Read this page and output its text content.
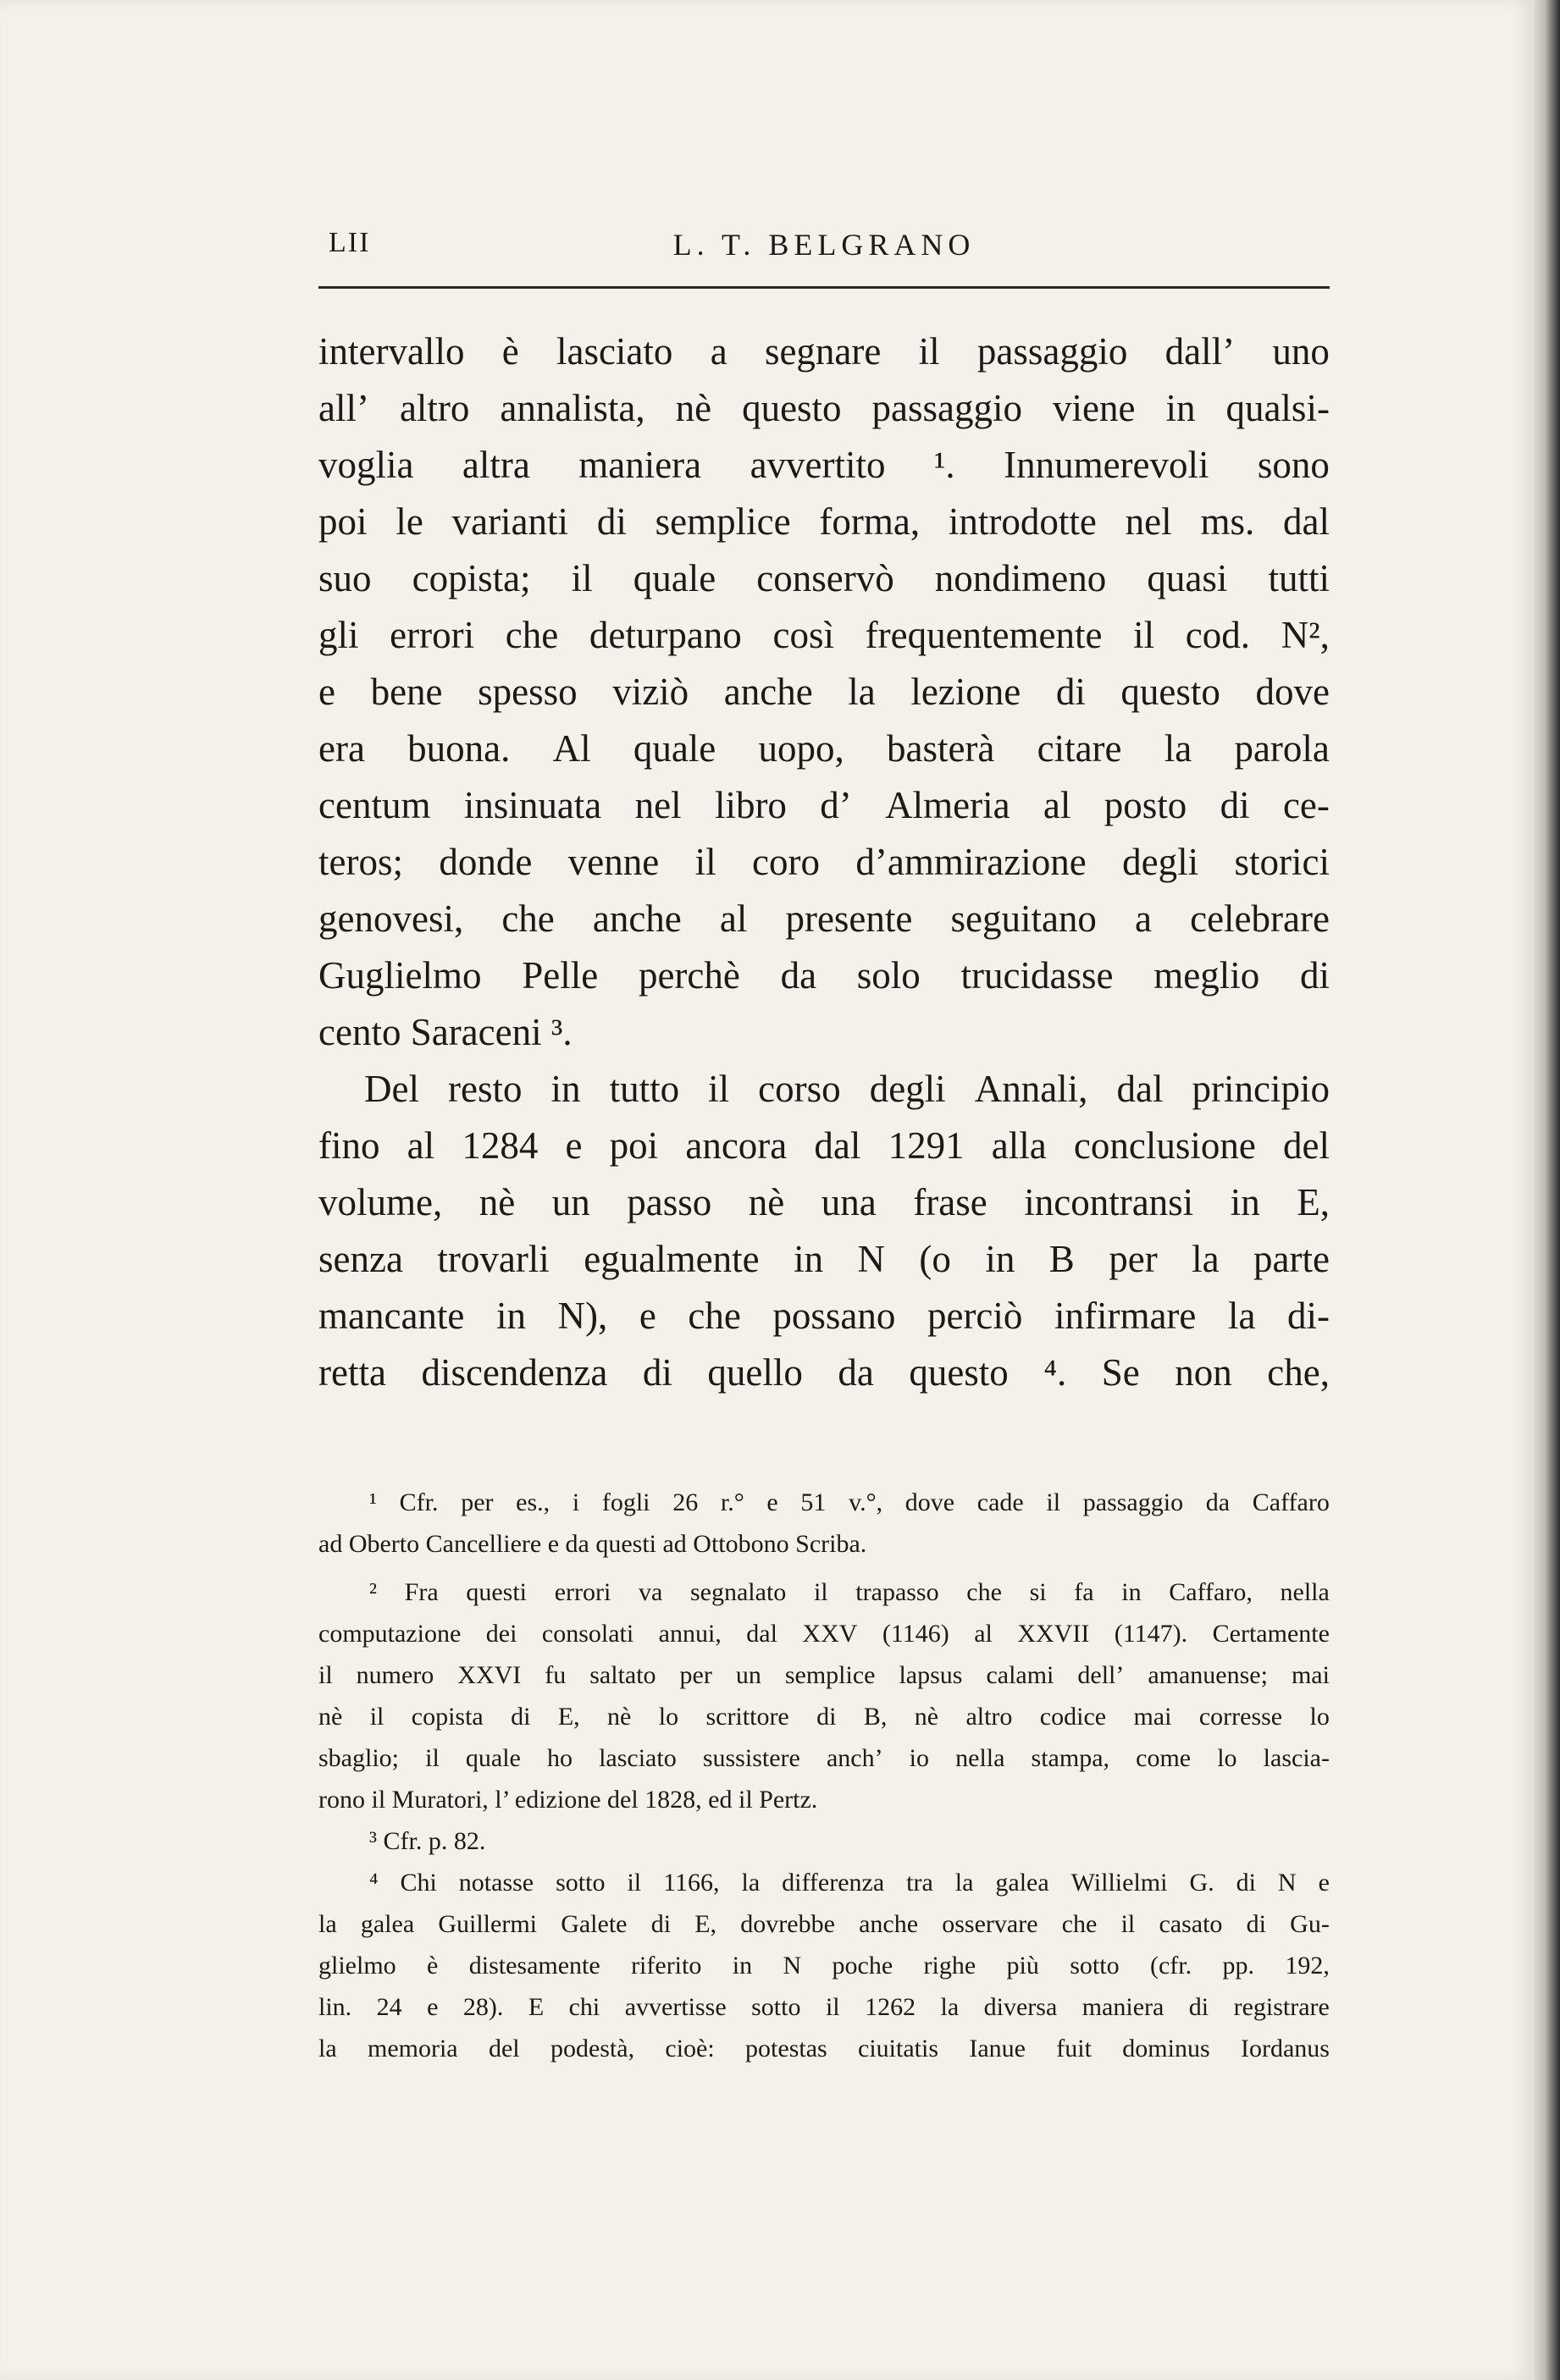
LII	L. T. BELGRANO
intervallo è lasciato a segnare il passaggio dall’ uno
all’ altro annalista, nè questo passaggio viene in qualsi-
voglia altra maniera avvertito ¹. Innumerevoli sono
poi le varianti di semplice forma, introdotte nel ms. dal
suo copista; il quale conservò nondimeno quasi tutti
gli errori che deturpano così frequentemente il cod. N²,
e bene spesso viziò anche la lezione di questo dove
era buona. Al quale uopo, basterà citare la parola
centum insinuata nel libro d’ Almeria al posto di ce-
teros; donde venne il coro d’ammirazione degli storici
genovesi, che anche al presente seguitano a celebrare
Guglielmo Pelle perchè da solo trucidasse meglio di
cento Saraceni ³.
Del resto in tutto il corso degli Annali, dal principio
fino al 1284 e poi ancora dal 1291 alla conclusione del
volume, nè un passo nè una frase incontransi in E,
senza trovarli egualmente in N (o in B per la parte
mancante in N), e che possano perciò infirmare la di-
retta discendenza di quello da questo ⁴. Se non che,
¹ Cfr. per es., i fogli 26 r.° e 51 v.°, dove cade il passaggio da Caffaro
ad Oberto Cancelliere e da questi ad Ottobono Scriba.
² Fra questi errori va segnalato il trapasso che si fa in Caffaro, nella
computazione dei consolati annui, dal XXV (1146) al XXVII (1147). Certamente
il numero XXVI fu saltato per un semplice lapsus calami dell’ amanuense; mai
nè il copista di E, nè lo scrittore di B, nè altro codice mai corresse lo
sbaglio; il quale ho lasciato sussistere anch’ io nella stampa, come lo lascia-
rono il Muratori, l’ edizione del 1828, ed il Pertz.
³ Cfr. p. 82.
⁴ Chi notasse sotto il 1166, la differenza tra la galea Willielmi G. di N e
la galea Guillermi Galete di E, dovrebbe anche osservare che il casato di Gu-
glielmo è distesamente riferito in N poche righe più sotto (cfr. pp. 192,
lin. 24 e 28). E chi avvertisse sotto il 1262 la diversa maniera di registrare
la memoria del podestà, cioè: potestas ciuitatis Ianue fuit dominus Iordanus
